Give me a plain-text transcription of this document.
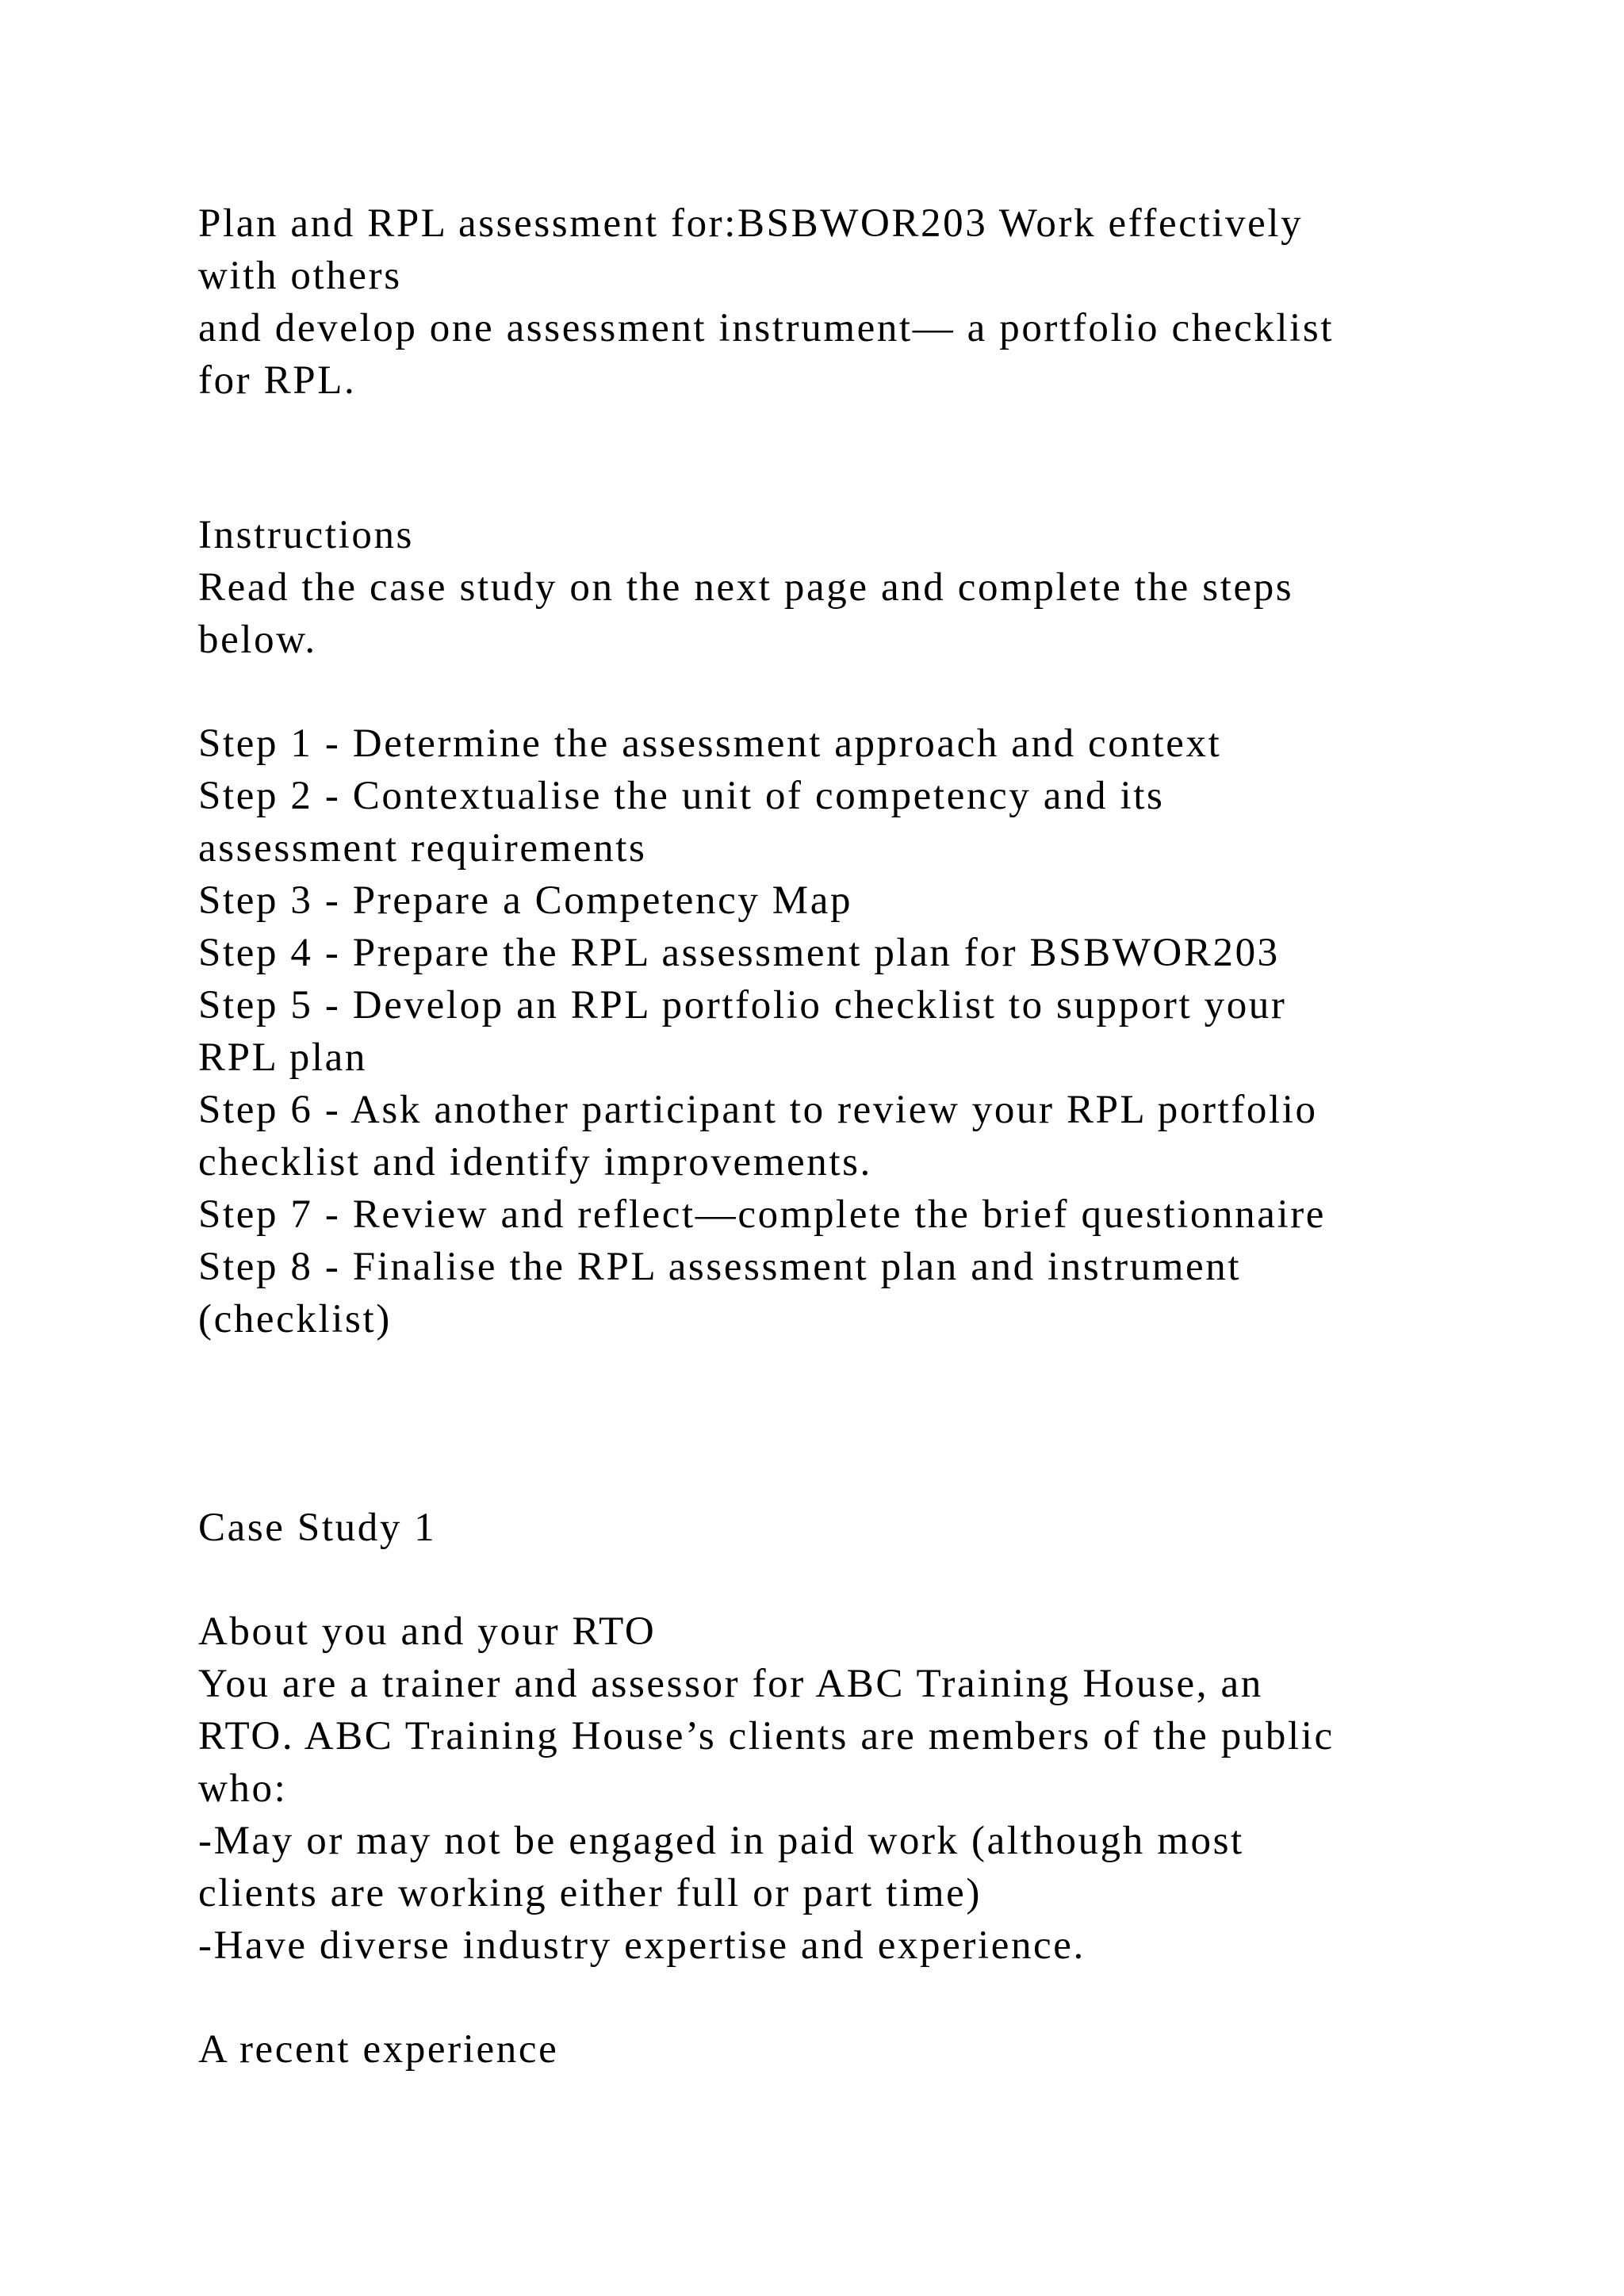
Plan and RPL assessment for:BSBWOR203 Work effectively
with others
and develop one assessment instrument— a portfolio checklist
for RPL.
Instructions
Read the case study on the next page and complete the steps
below.
Step 1 - Determine the assessment approach and context
Step 2 - Contextualise the unit of competency and its
assessment requirements
Step 3 - Prepare a Competency Map
Step 4 - Prepare the RPL assessment plan for BSBWOR203
Step 5 - Develop an RPL portfolio checklist to support your
RPL plan
Step 6 - Ask another participant to review your RPL portfolio
checklist and identify improvements.
Step 7 - Review and reflect—complete the brief questionnaire
Step 8 - Finalise the RPL assessment plan and instrument
(checklist)
Case Study 1
About you and your RTO
You are a trainer and assessor for ABC Training House, an
RTO. ABC Training House’s clients are members of the public
who:
-May or may not be engaged in paid work (although most
clients are working either full or part time)
-Have diverse industry expertise and experience.
A recent experience
